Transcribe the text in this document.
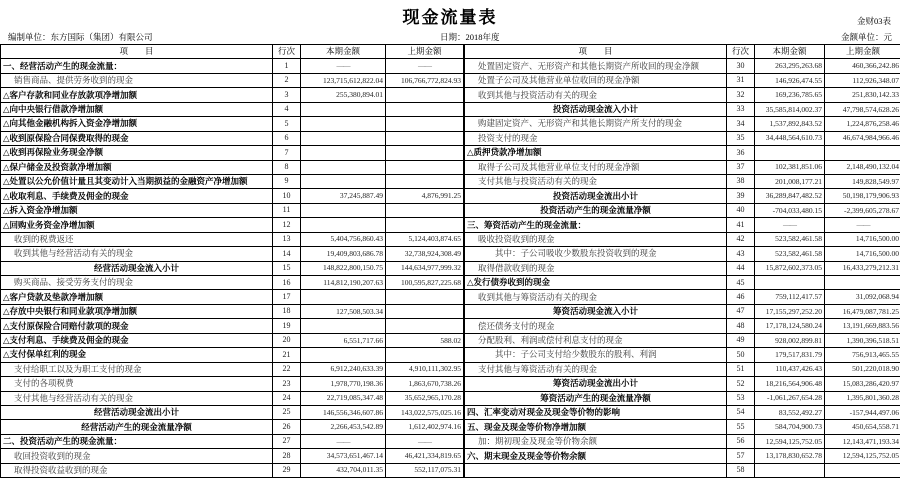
现金流量表	金财03表
编制单位：东方国际（集团）有限公司	日期：2018年度	金额单位：元
项　　目	行次	本期金额	上期金额
一、经营活动产生的现金流量：	1	——	——
销售商品、提供劳务收到的现金	2	123,715,612,822.04	106,766,772,824.93
△客户存款和同业存放款项净增加额	3	255,380,894.01	
△向中央银行借款净增加额	4		
△向其他金融机构拆入资金净增加额	5		
△收到原保险合同保费取得的现金	6		
△收到再保险业务现金净额	7		
△保户储金及投资款净增加额	8		
△处置以公允价值计量且其变动计入当期损益的金融资产净增加额	9		
△收取利息、手续费及佣金的现金	10	37,245,887.49	4,876,991.25
△拆入资金净增加额	11		
△回购业务资金净增加额	12		
收到的税费返还	13	5,404,756,860.43	5,124,403,874.65
收到其他与经营活动有关的现金	14	19,409,803,686.78	32,738,924,308.49
经营活动现金流入小计	15	148,822,800,150.75	144,634,977,999.32
购买商品、接受劳务支付的现金	16	114,812,190,207.63	100,595,827,225.68
△客户贷款及垫款净增加额	17		
△存放中央银行和同业款项净增加额	18	127,508,503.34	
△支付原保险合同赔付款项的现金	19		
△支付利息、手续费及佣金的现金	20	6,551,717.66	588.02
△支付保单红利的现金	21		
支付给职工以及为职工支付的现金	22	6,912,240,633.39	4,910,111,302.95
支付的各项税费	23	1,978,770,198.36	1,863,670,738.26
支付其他与经营活动有关的现金	24	22,719,085,347.48	35,652,965,170.28
经营活动现金流出小计	25	146,556,346,607.86	143,022,575,025.16
经营活动产生的现金流量净额	26	2,266,453,542.89	1,612,402,974.16
二、投资活动产生的现金流量：	27	——	——
收回投资收到的现金	28	34,573,651,467.14	46,421,334,819.65
取得投资收益收到的现金	29	432,704,011.35	552,117,075.31
项　　目	行次	本期金额	上期金额
处置固定资产、无形资产和其他长期资产所收回的现金净额	30	263,295,263.68	460,366,242.86
处置子公司及其他营业单位收回的现金净额	31	146,926,474.55	112,926,348.07
收到其他与投资活动有关的现金	32	169,236,785.65	251,830,142.33
投资活动现金流入小计	33	35,585,814,002.37	47,798,574,628.26
购建固定资产、无形资产和其他长期资产所支付的现金	34	1,537,892,843.52	1,224,876,258.46
投资支付的现金	35	34,448,564,610.73	46,674,984,966.46
△质押贷款净增加额	36		
取得子公司及其他营业单位支付的现金净额	37	102,381,851.06	2,148,490,132.04
支付其他与投资活动有关的现金	38	201,008,177.21	149,828,549.97
投资活动现金流出小计	39	36,289,847,482.52	50,198,179,906.93
投资活动产生的现金流量净额	40	-704,033,480.15	-2,399,605,278.67
三、筹资活动产生的现金流量：	41	——	——
吸收投资收到的现金	42	523,582,461.58	14,716,500.00
其中：子公司吸收少数股东投资收到的现金	43	523,582,461.58	14,716,500.00
取得借款收到的现金	44	15,872,602,373.05	16,433,279,212.31
△发行债券收到的现金	45		
收到其他与筹资活动有关的现金	46	759,112,417.57	31,092,068.94
筹资活动现金流入小计	47	17,155,297,252.20	16,479,087,781.25
偿还债务支付的现金	48	17,178,124,580.24	13,191,669,883.56
分配股利、利润或偿付利息支付的现金	49	928,002,899.81	1,390,396,518.51
其中：子公司支付给少数股东的股利、利润	50	179,517,831.79	756,913,465.55
支付其他与筹资活动有关的现金	51	110,437,426.43	501,220,018.90
筹资活动现金流出小计	52	18,216,564,906.48	15,083,286,420.97
筹资活动产生的现金流量净额	53	-1,061,267,654.28	1,395,801,360.28
四、汇率变动对现金及现金等价物的影响	54	83,552,492.27	-157,944,497.06
五、现金及现金等价物净增加额	55	584,704,900.73	450,654,558.71
加：期初现金及现金等价物余额	56	12,594,125,752.05	12,143,471,193.34
六、期末现金及现金等价物余额	57	13,178,830,652.78	12,594,125,752.05
	58		
